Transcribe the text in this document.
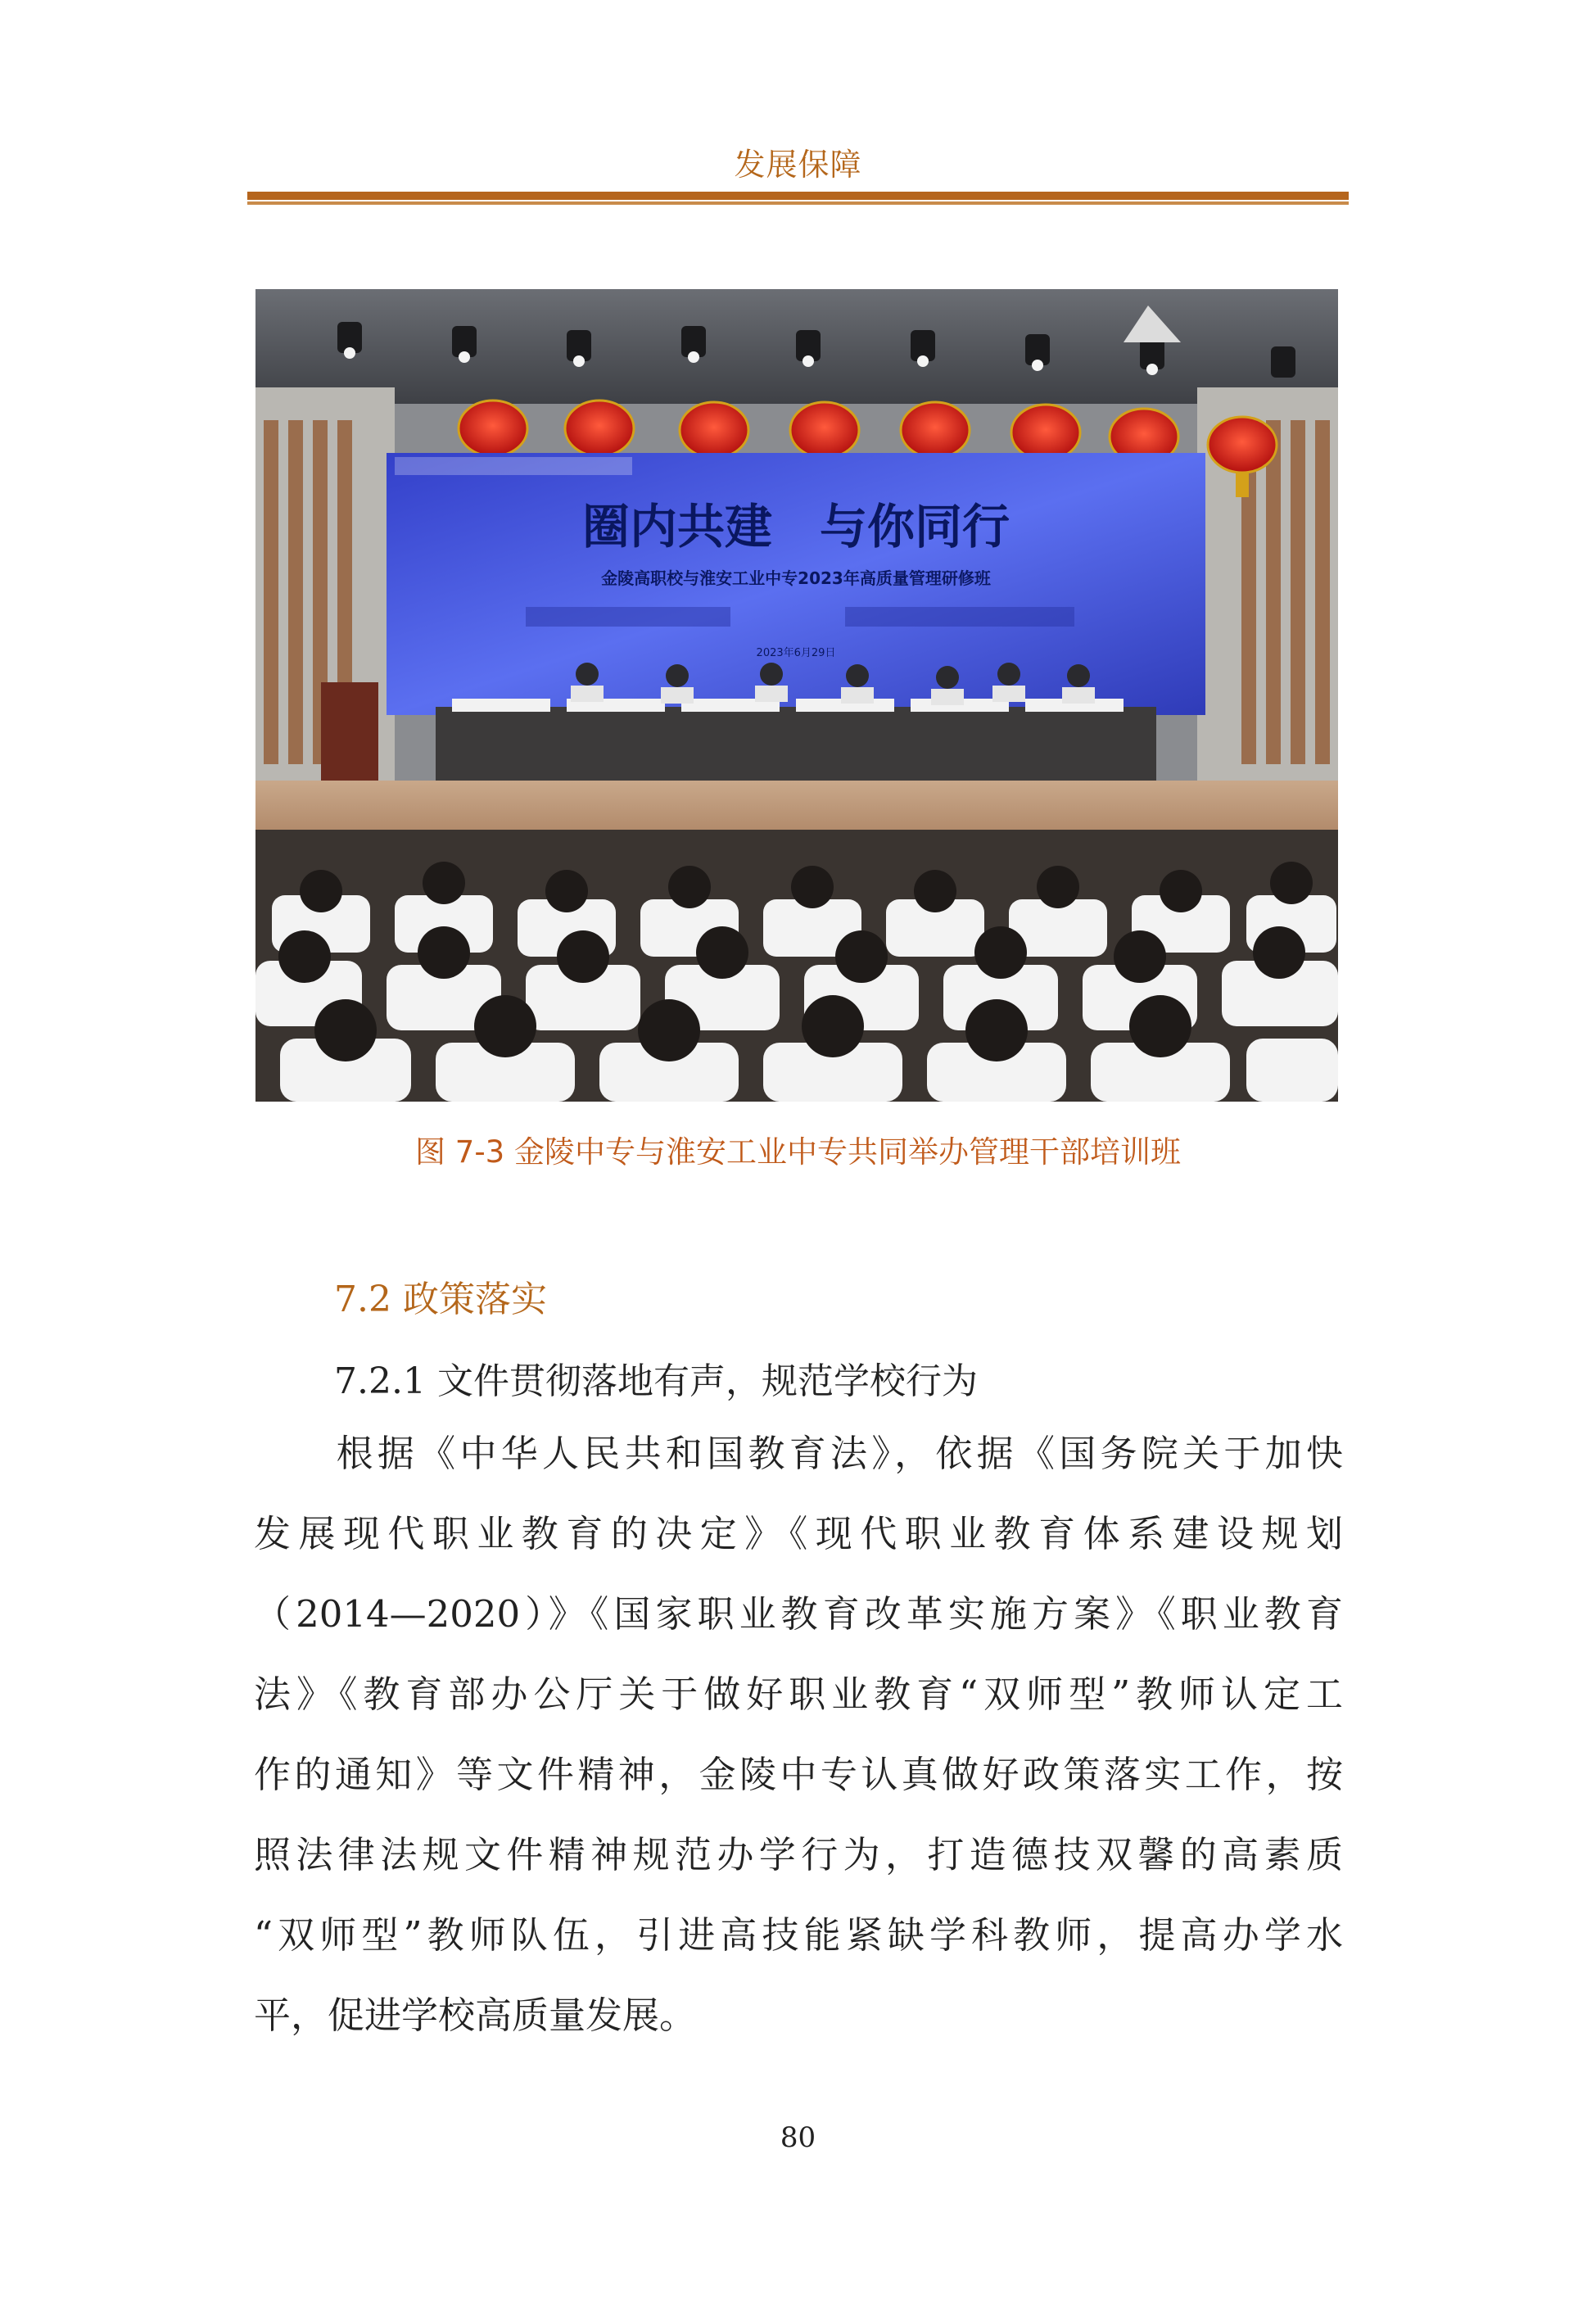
发展保障
圈内共建　与你同行
金陵高职校与淮安工业中专2023年高质量管理研修班
2023年6月29日
图 7-3 金陵中专与淮安工业中专共同举办管理干部培训班
7.2 政策落实
7.2.1 文件贯彻落地有声，规范学校行为
　　根据《中华人民共和国教育法》，依据《国务院关于加快
发展现代职业教育的决定》《现代职业教育体系建设规划
（2014—2020）》《国家职业教育改革实施方案》《职业教育
法》《教育部办公厅关于做好职业教育“双师型”教师认定工
作的通知》等文件精神，金陵中专认真做好政策落实工作，按
照法律法规文件精神规范办学行为，打造德技双馨的高素质
“双师型”教师队伍，引进高技能紧缺学科教师，提高办学水
平，促进学校高质量发展。
80
